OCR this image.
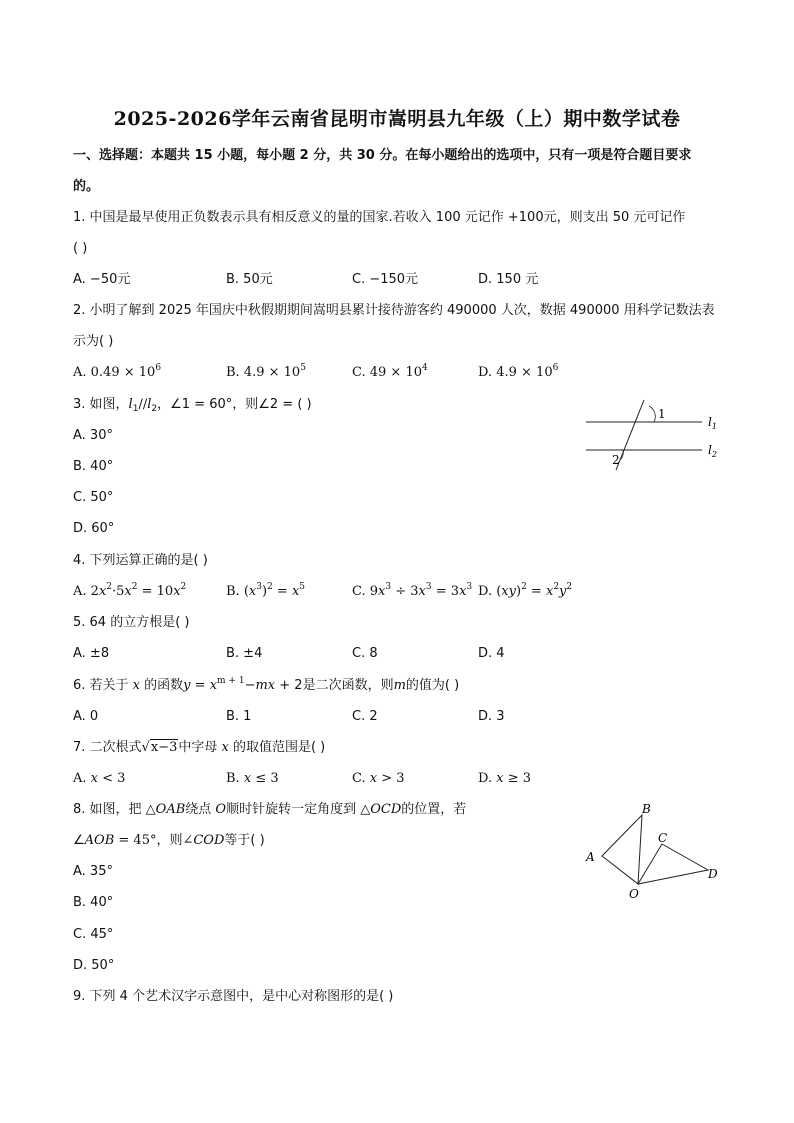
2025-2026学年云南省昆明市嵩明县九年级（上）期中数学试卷
一、选择题：本题共 15 小题，每小题 2 分，共 30 分。在每小题给出的选项中，只有一项是符合题目要求
的。
1. 中国是最早使用正负数表示具有相反意义的量的国家.若收入 100 元记作 +100元，则支出 50 元可记作
( )
A. −50元	B. 50元	C. −150元	D. 150 元
2. 小明了解到 2025 年国庆中秋假期期间嵩明县累计接待游客约 490000 人次，数据 490000 用科学记数法表
示为( )
A. $0.49 \times 10^6$	B. $4.9 \times 10^5$	C. $49 \times 10^4$	D. $4.9 \times 10^6$
3. 如图，$l_1//l_2$，∠1 = 60°，则∠2 = ( )
A. 30°
B. 40°
C. 50°
D. 60°
1
2
$l_1$
$l_2$
4. 下列运算正确的是( )
A. $2x^2\cdot 5x^2 = 10x^2$	B. $(x^3)^2 = x^5$	C. $9x^3 \div 3x^3 = 3x^3$ D. $(xy)^2 = x^2y^2$
5. 64 的立方根是( )
A. ±8	B. ±4	C. 8	D. 4
6. 若关于 x 的函数$y = x^{m + 1}-mx + 2$是二次函数，则m的值为( )
A. 0	B. 1	C. 2	D. 3
7. 二次根式√x−3中字母 x 的取值范围是( )
A. x < 3	B. x ≤ 3	C. x > 3	D. x ≥ 3
8. 如图，把 △OAB绕点 O顺时针旋转一定角度到 △OCD的位置，若
∠AOB = 45°，则∠COD等于( )
A. 35°
B. 40°
C. 45°
D. 50°
B
A
C
D
O
9. 下列 4 个艺术汉字示意图中，是中心对称图形的是( )
